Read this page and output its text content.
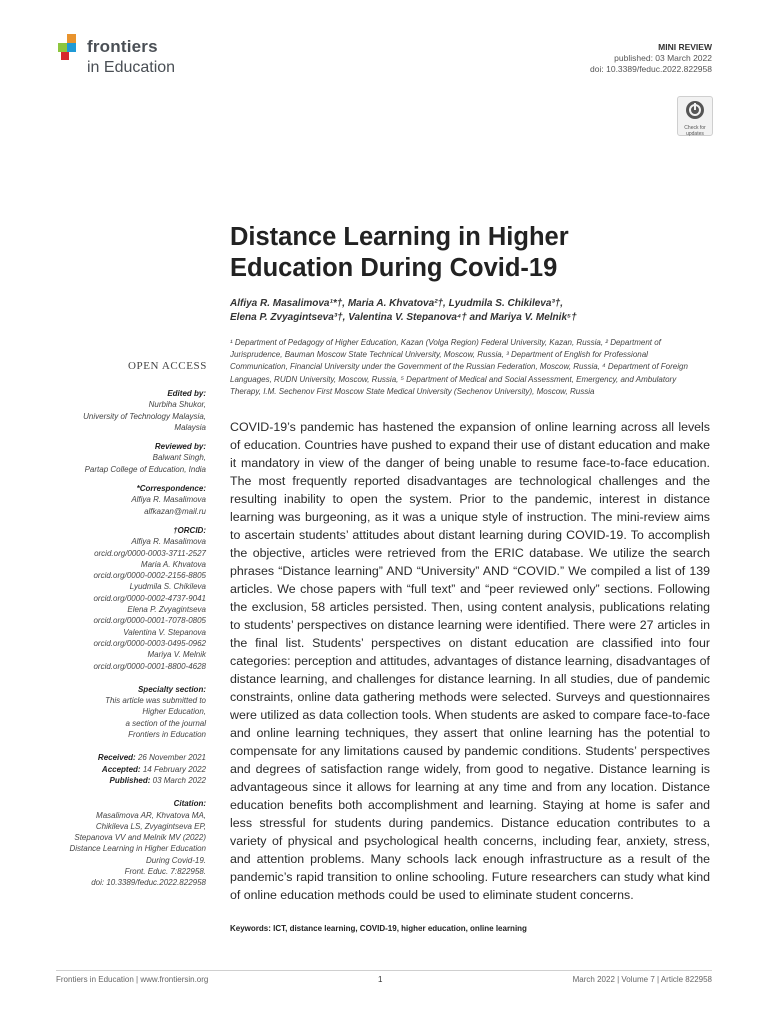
frontiers
in Education
MINI REVIEW
published: 03 March 2022
doi: 10.3389/feduc.2022.822958
Check for updates
Distance Learning in Higher Education During Covid-19
Alfiya R. Masalimova¹*†, Maria A. Khvatova²†, Lyudmila S. Chikileva³†,
Elena P. Zvyagintseva³†, Valentina V. Stepanova⁴† and Mariya V. Melnik⁵†
¹ Department of Pedagogy of Higher Education, Kazan (Volga Region) Federal University, Kazan, Russia, ² Department of Jurisprudence, Bauman Moscow State Technical University, Moscow, Russia, ³ Department of English for Professional Communication, Financial University under the Government of the Russian Federation, Moscow, Russia, ⁴ Department of Foreign Languages, RUDN University, Moscow, Russia, ⁵ Department of Medical and Social Assessment, Emergency, and Ambulatory Therapy, I.M. Sechenov First Moscow State Medical University (Sechenov University), Moscow, Russia
OPEN ACCESS
Edited by:
Nurbiha Shukor,
University of Technology Malaysia,
Malaysia
Reviewed by:
Balwant Singh,
Partap College of Education, India
*Correspondence:
Alfiya R. Masalimova
alfkazan@mail.ru
†ORCID:
Alfiya R. Masalimova
orcid.org/0000-0003-3711-2527
Maria A. Khvatova
orcid.org/0000-0002-2156-8805
Lyudmila S. Chikileva
orcid.org/0000-0002-4737-9041
Elena P. Zvyagintseva
orcid.org/0000-0001-7078-0805
Valentina V. Stepanova
orcid.org/0000-0003-0495-0962
Mariya V. Melnik
orcid.org/0000-0001-8800-4628
Specialty section:
This article was submitted to
Higher Education,
a section of the journal
Frontiers in Education
Received: 26 November 2021
Accepted: 14 February 2022
Published: 03 March 2022
Citation:
Masalimova AR, Khvatova MA,
Chikileva LS, Zvyagintseva EP,
Stepanova VV and Melnik MV (2022)
Distance Learning in Higher Education
During Covid-19.
Front. Educ. 7:822958.
doi: 10.3389/feduc.2022.822958
COVID-19’s pandemic has hastened the expansion of online learning across all levels of education. Countries have pushed to expand their use of distant education and make it mandatory in view of the danger of being unable to resume face-to-face education. The most frequently reported disadvantages are technological challenges and the resulting inability to open the system. Prior to the pandemic, interest in distance learning was burgeoning, as it was a unique style of instruction. The mini-review aims to ascertain students’ attitudes about distant learning during COVID-19. To accomplish the objective, articles were retrieved from the ERIC database. We utilize the search phrases “Distance learning” AND “University” AND “COVID.” We compiled a list of 139 articles. We chose papers with “full text” and “peer reviewed only” sections. Following the exclusion, 58 articles persisted. Then, using content analysis, publications relating to students’ perspectives on distance learning were identified. There were 27 articles in the final list. Students’ perspectives on distant education are classified into four categories: perception and attitudes, advantages of distance learning, disadvantages of distance learning, and challenges for distance learning. In all studies, due of pandemic constraints, online data gathering methods were selected. Surveys and questionnaires were utilized as data collection tools. When students are asked to compare face-to-face and online learning techniques, they assert that online learning has the potential to compensate for any limitations caused by pandemic conditions. Students’ perspectives and degrees of satisfaction range widely, from good to negative. Distance learning is advantageous since it allows for learning at any time and from any location. Distance education benefits both accomplishment and learning. Staying at home is safer and less stressful for students during pandemics. Distance education contributes to a variety of physical and psychological health concerns, including fear, anxiety, stress, and attention problems. Many schools lack enough infrastructure as a result of the pandemic’s rapid transition to online schooling. Future researchers can study what kind of online education methods could be used to eliminate student concerns.
Keywords: ICT, distance learning, COVID-19, higher education, online learning
Frontiers in Education | www.frontiersin.org	1	March 2022 | Volume 7 | Article 822958
